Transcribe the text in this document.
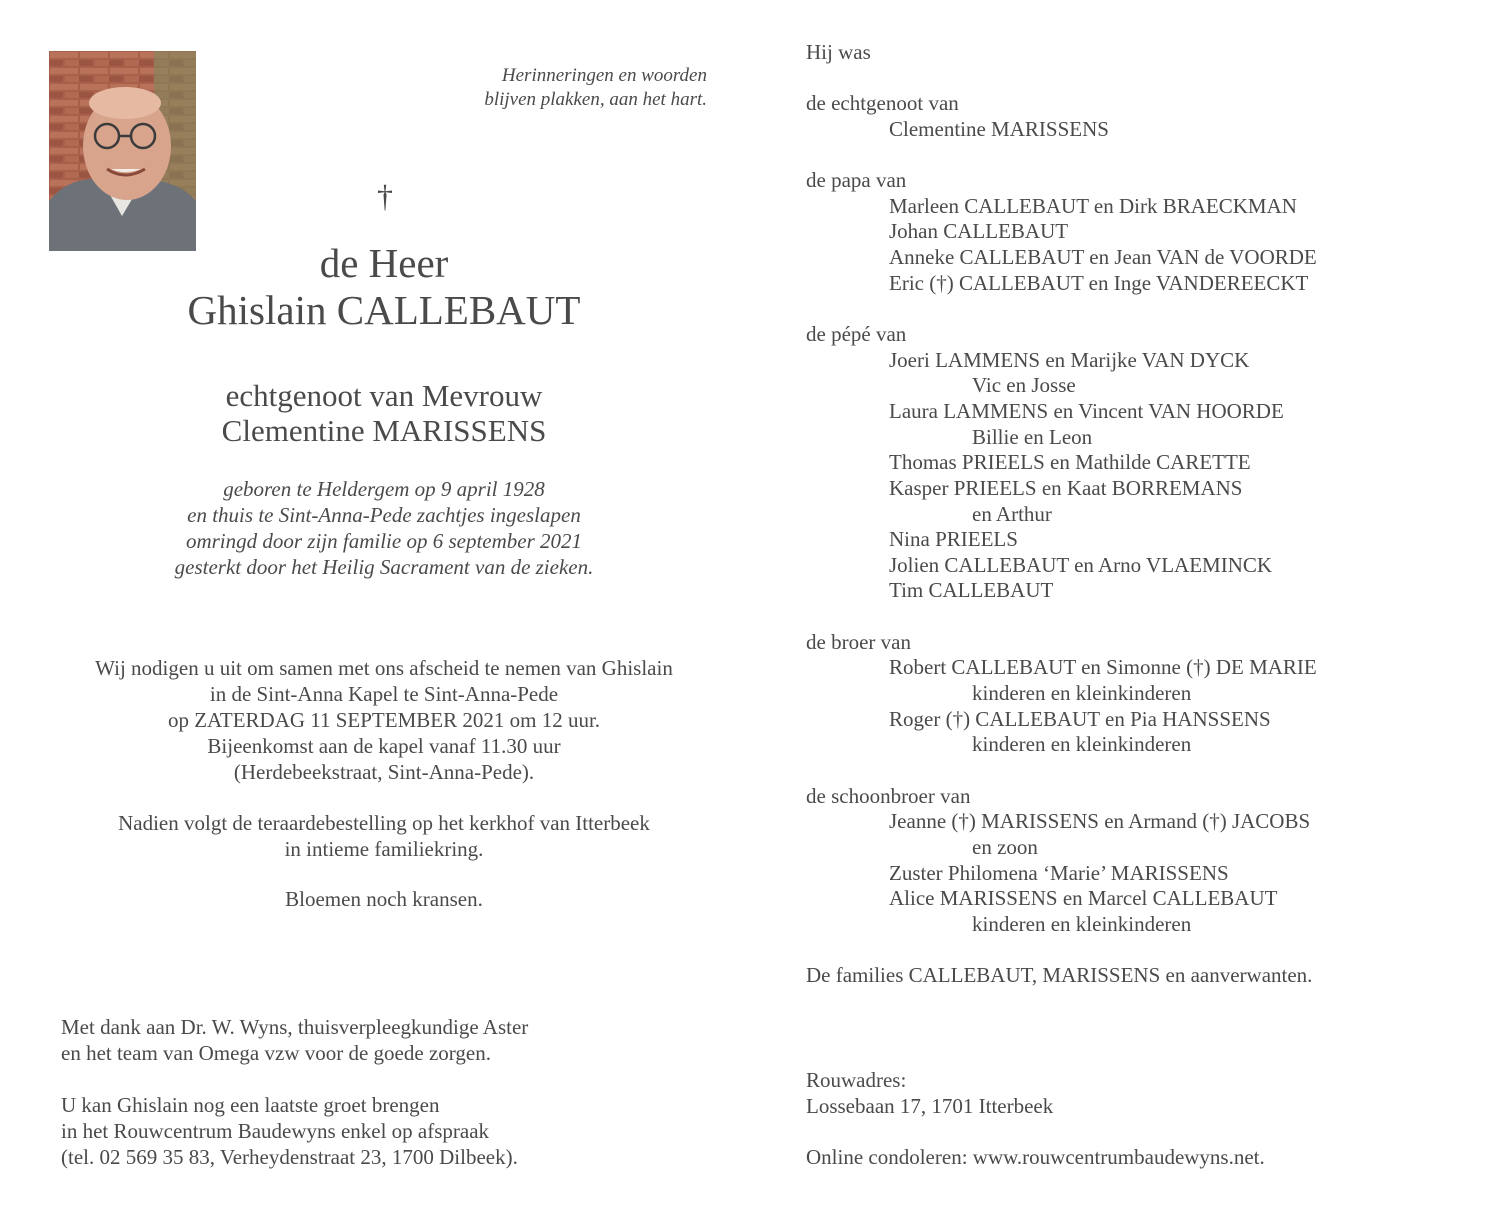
Herinneringen en woorden
blijven plakken, aan het hart.
†
de Heer
Ghislain CALLEBAUT
echtgenoot van Mevrouw
Clementine MARISSENS
geboren te Heldergem op 9 april 1928
en thuis te Sint-Anna-Pede zachtjes ingeslapen
omringd door zijn familie op 6 september 2021
gesterkt door het Heilig Sacrament van de zieken.
Wij nodigen u uit om samen met ons afscheid te nemen van Ghislain
in de Sint-Anna Kapel te Sint-Anna-Pede
op ZATERDAG 11 SEPTEMBER 2021 om 12 uur.
Bijeenkomst aan de kapel vanaf 11.30 uur
(Herdebeekstraat, Sint-Anna-Pede).
Nadien volgt de teraardebestelling op het kerkhof van Itterbeek
in intieme familiekring.
Bloemen noch kransen.
Met dank aan Dr. W. Wyns, thuisverpleegkundige Aster
en het team van Omega vzw voor de goede zorgen.
U kan Ghislain nog een laatste groet brengen
in het Rouwcentrum Baudewyns enkel op afspraak
(tel. 02 569 35 83, Verheydenstraat 23, 1700 Dilbeek).
Hij was
de echtgenoot van
Clementine MARISSENS
de papa van
Marleen CALLEBAUT en Dirk BRAECKMAN
Johan CALLEBAUT
Anneke CALLEBAUT en Jean VAN de VOORDE
Eric (†) CALLEBAUT en Inge VANDEREECKT
de pépé van
Joeri LAMMENS en Marijke VAN DYCK
Vic en Josse
Laura LAMMENS en Vincent VAN HOORDE
Billie en Leon
Thomas PRIEELS en Mathilde CARETTE
Kasper PRIEELS en Kaat BORREMANS
en Arthur
Nina PRIEELS
Jolien CALLEBAUT en Arno VLAEMINCK
Tim CALLEBAUT
de broer van
Robert CALLEBAUT en Simonne (†) DE MARIE
kinderen en kleinkinderen
Roger (†) CALLEBAUT en Pia HANSSENS
kinderen en kleinkinderen
de schoonbroer van
Jeanne (†) MARISSENS en Armand (†) JACOBS
en zoon
Zuster Philomena ‘Marie’ MARISSENS
Alice MARISSENS en Marcel CALLEBAUT
kinderen en kleinkinderen
De families CALLEBAUT, MARISSENS en aanverwanten.
Rouwadres:
Lossebaan 17, 1701 Itterbeek
Online condoleren: www.rouwcentrumbaudewyns.net.
